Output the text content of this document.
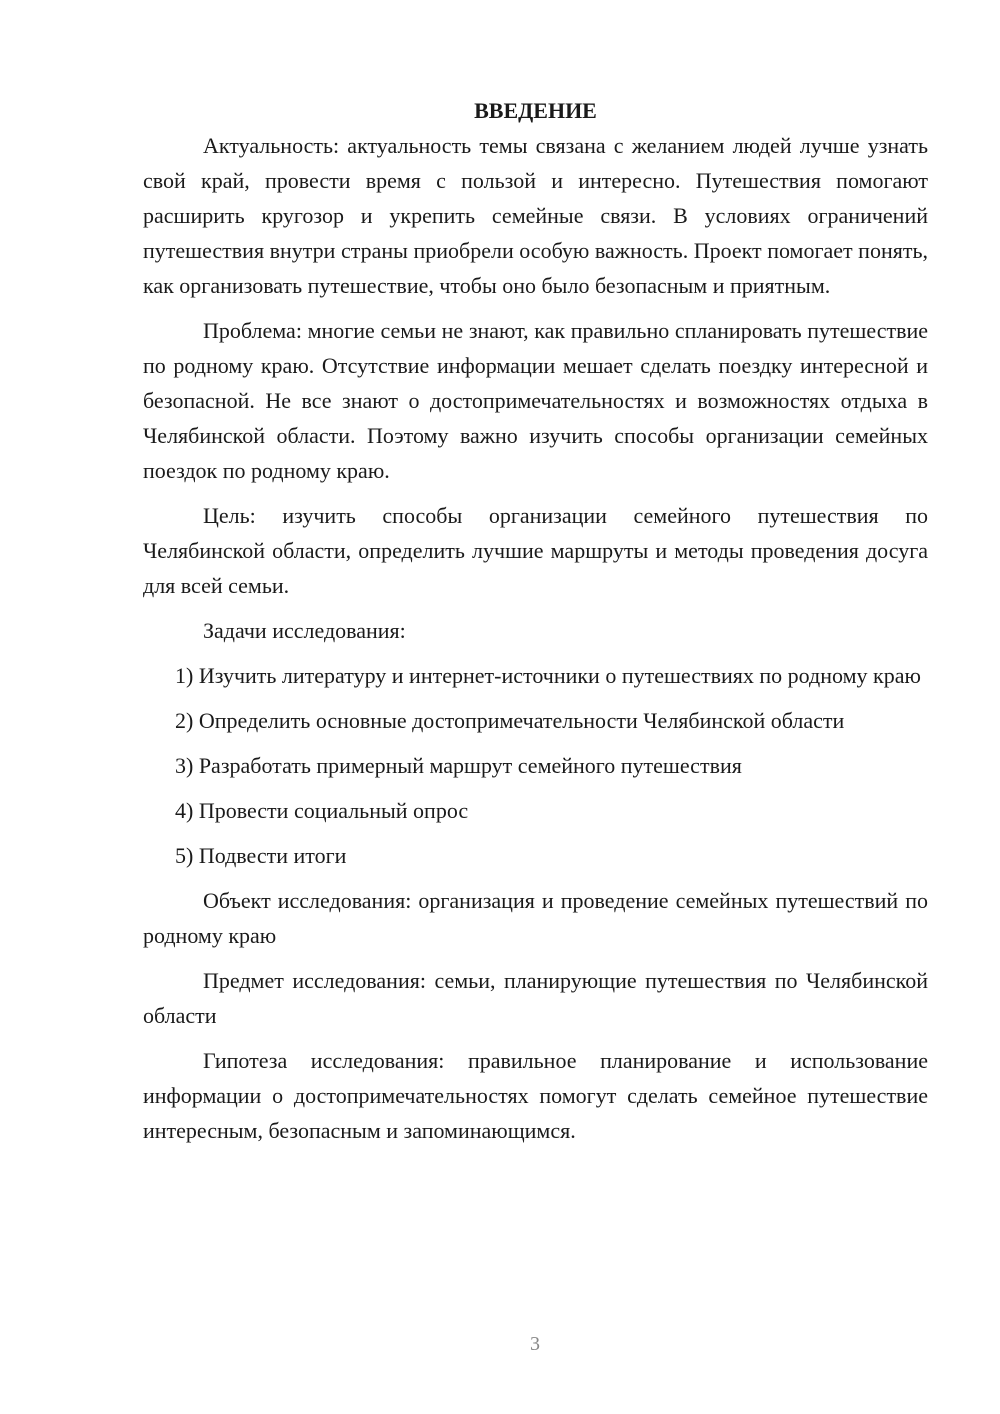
ВВЕДЕНИЕ

Актуальность: актуальность темы связана с желанием людей лучше узнать свой край, провести время с пользой и интересно. Путешествия помогают расширить кругозор и укрепить семейные связи. В условиях ограничений путешествия внутри страны приобрели особую важность. Проект помогает понять, как организовать путешествие, чтобы оно было безопасным и приятным.

Проблема: многие семьи не знают, как правильно спланировать путешествие по родному краю. Отсутствие информации мешает сделать поездку интересной и безопасной. Не все знают о достопримечательностях и возможностях отдыха в Челябинской области. Поэтому важно изучить способы организации семейных поездок по родному краю.

Цель: изучить способы организации семейного путешествия по Челябинской области, определить лучшие маршруты и методы проведения досуга для всей семьи.

Задачи исследования:

1) Изучить литературу и интернет-источники о путешествиях по родному краю

2) Определить основные достопримечательности Челябинской области

3) Разработать примерный маршрут семейного путешествия

4) Провести социальный опрос

5) Подвести итоги

Объект исследования: организация и проведение семейных путешествий по родному краю

Предмет исследования: семьи, планирующие путешествия по Челябинской области

Гипотеза исследования: правильное планирование и использование информации о достопримечательностях помогут сделать семейное путешествие интересным, безопасным и запоминающимся.

3
